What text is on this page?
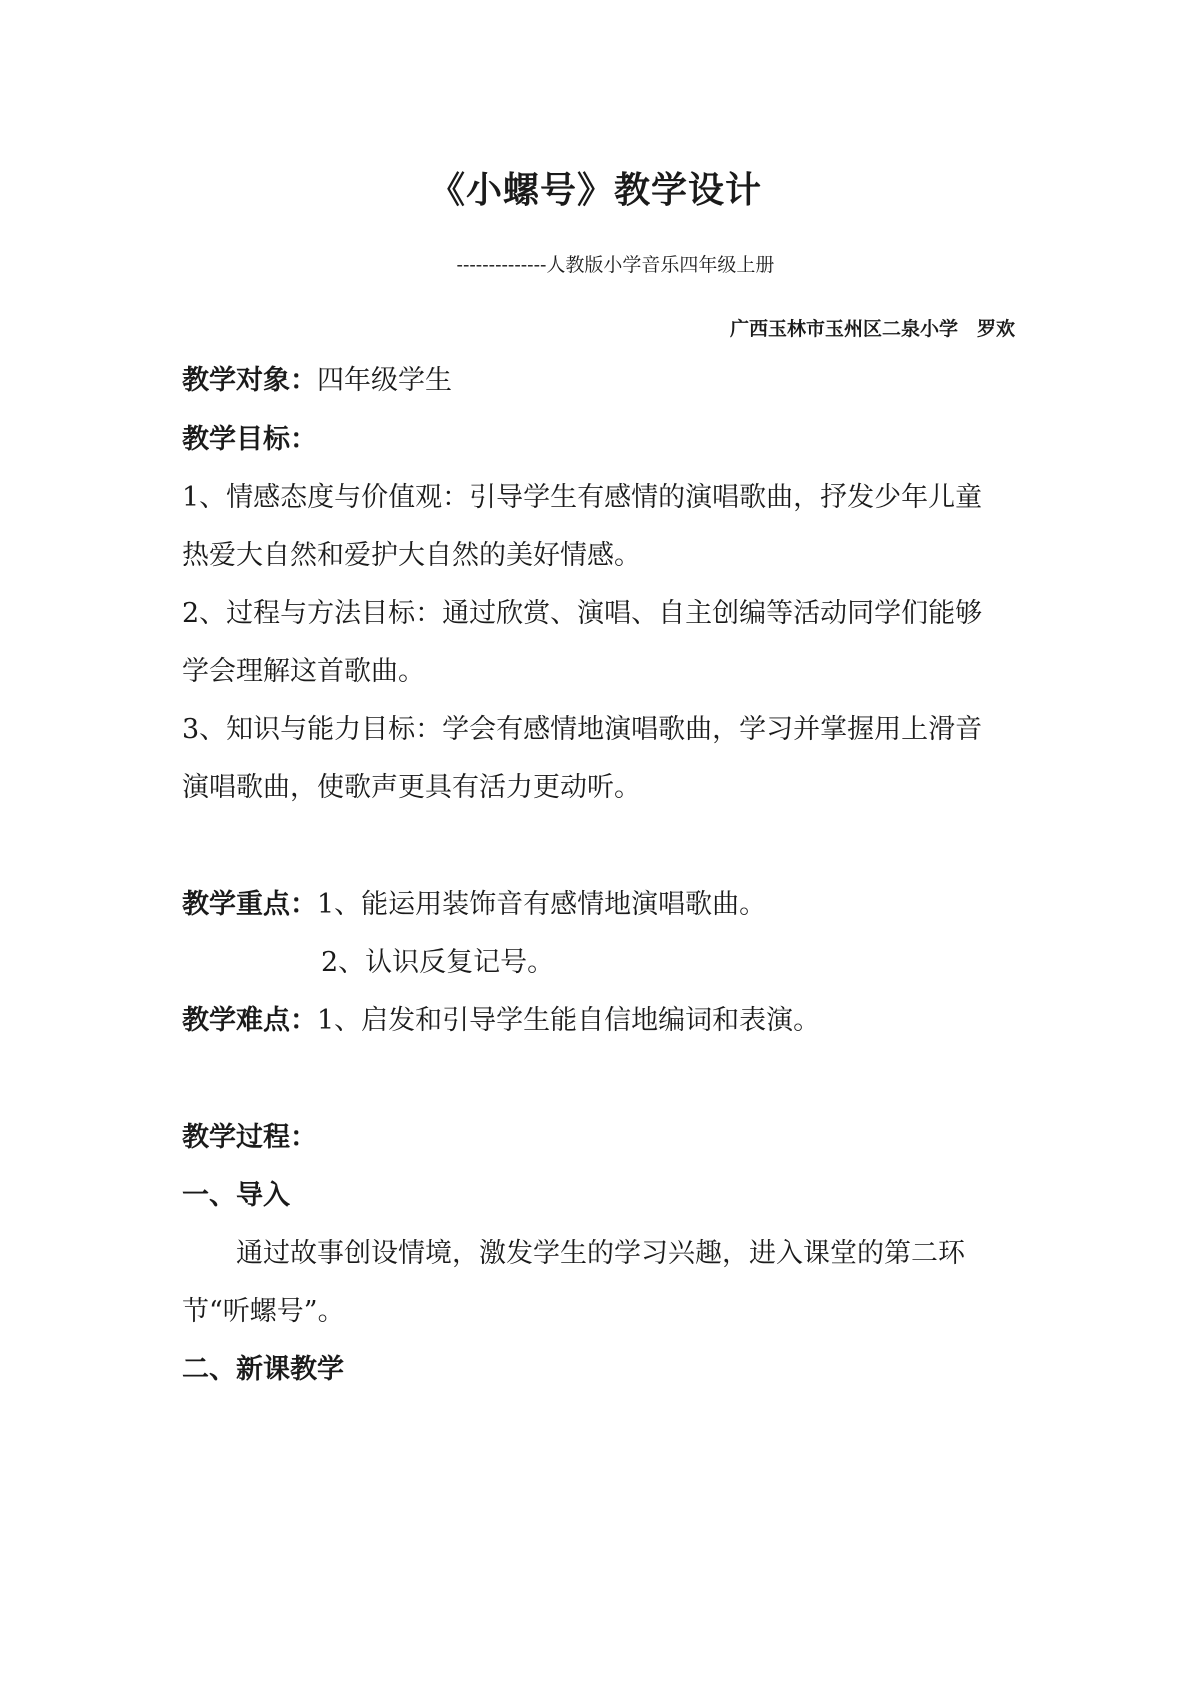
《小螺号》教学设计
--------------人教版小学音乐四年级上册
广西玉林市玉州区二泉小学　罗欢
教学对象：四年级学生
教学目标：
1、情感态度与价值观：引导学生有感情的演唱歌曲，抒发少年儿童
热爱大自然和爱护大自然的美好情感。
2、过程与方法目标：通过欣赏、演唱、自主创编等活动同学们能够
学会理解这首歌曲。
3、知识与能力目标：学会有感情地演唱歌曲，学习并掌握用上滑音
演唱歌曲，使歌声更具有活力更动听。
教学重点：1、能运用装饰音有感情地演唱歌曲。
2、认识反复记号。
教学难点：1、启发和引导学生能自信地编词和表演。
教学过程：
一、导入
通过故事创设情境，激发学生的学习兴趣，进入课堂的第二环
节“听螺号”。
二、新课教学
